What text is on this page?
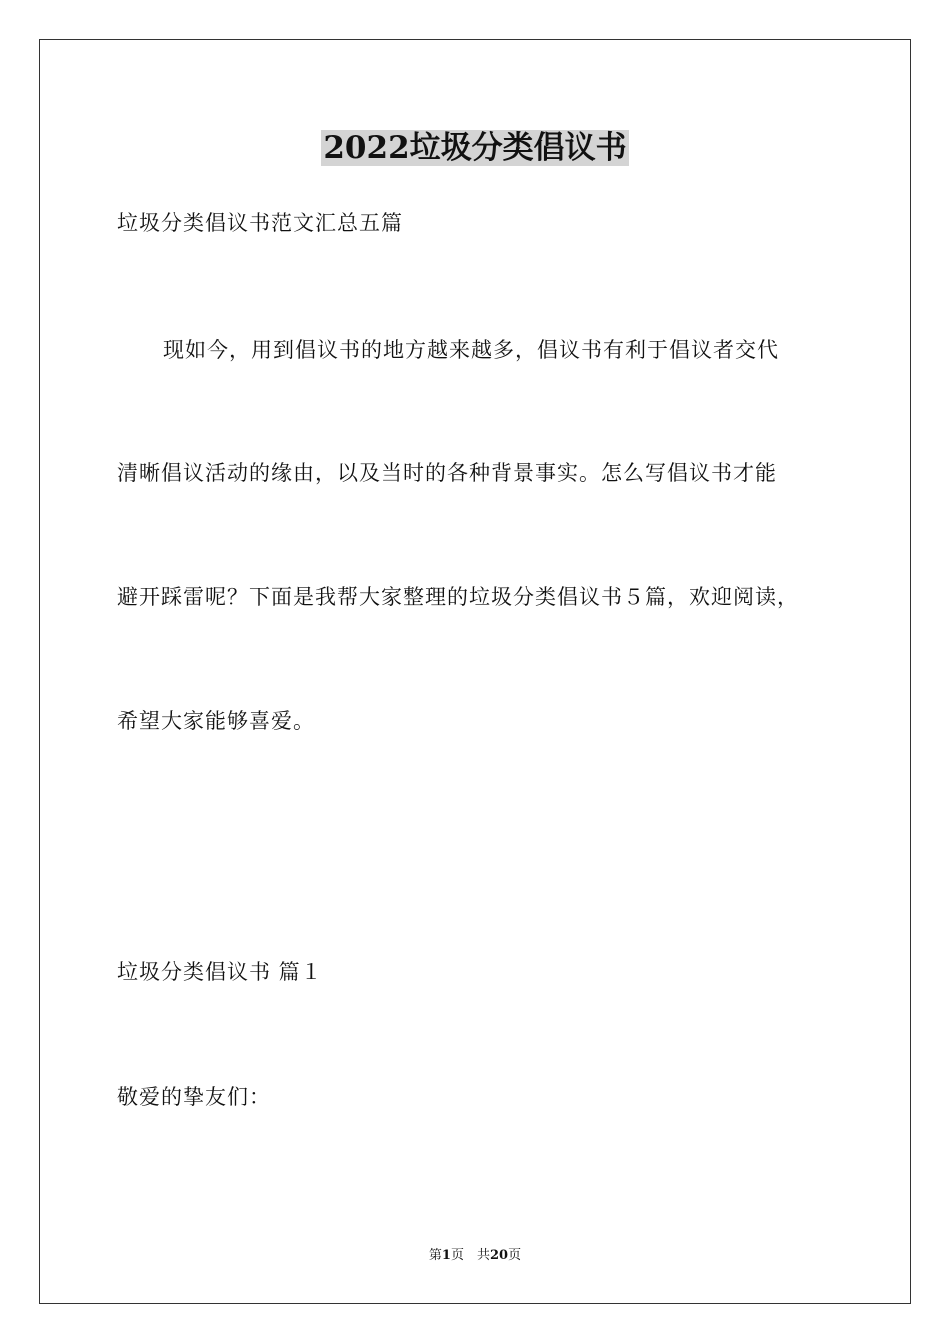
2022垃圾分类倡议书
垃圾分类倡议书范文汇总五篇
现如今，用到倡议书的地方越来越多，倡议书有利于倡议者交代
清晰倡议活动的缘由，以及当时的各种背景事实。怎么写倡议书才能
避开踩雷呢？下面是我帮大家整理的垃圾分类倡议书５篇，欢迎阅读，
希望大家能够喜爱。
垃圾分类倡议书 篇１
敬爱的挚友们：
第1页　共20页
